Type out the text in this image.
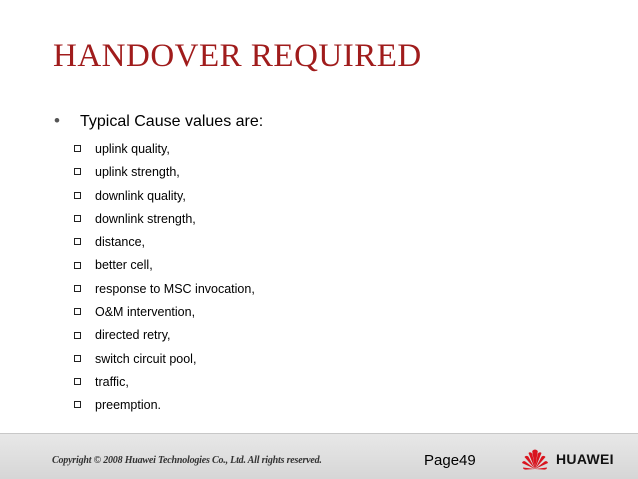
HANDOVER REQUIRED
• Typical Cause values are:
uplink quality,
uplink strength,
downlink quality,
downlink strength,
distance,
better cell,
response to MSC invocation,
O&M intervention,
directed retry,
switch circuit pool,
traffic,
preemption.
Copyright © 2008 Huawei Technologies Co., Ltd. All rights reserved.	Page49	HUAWEI
